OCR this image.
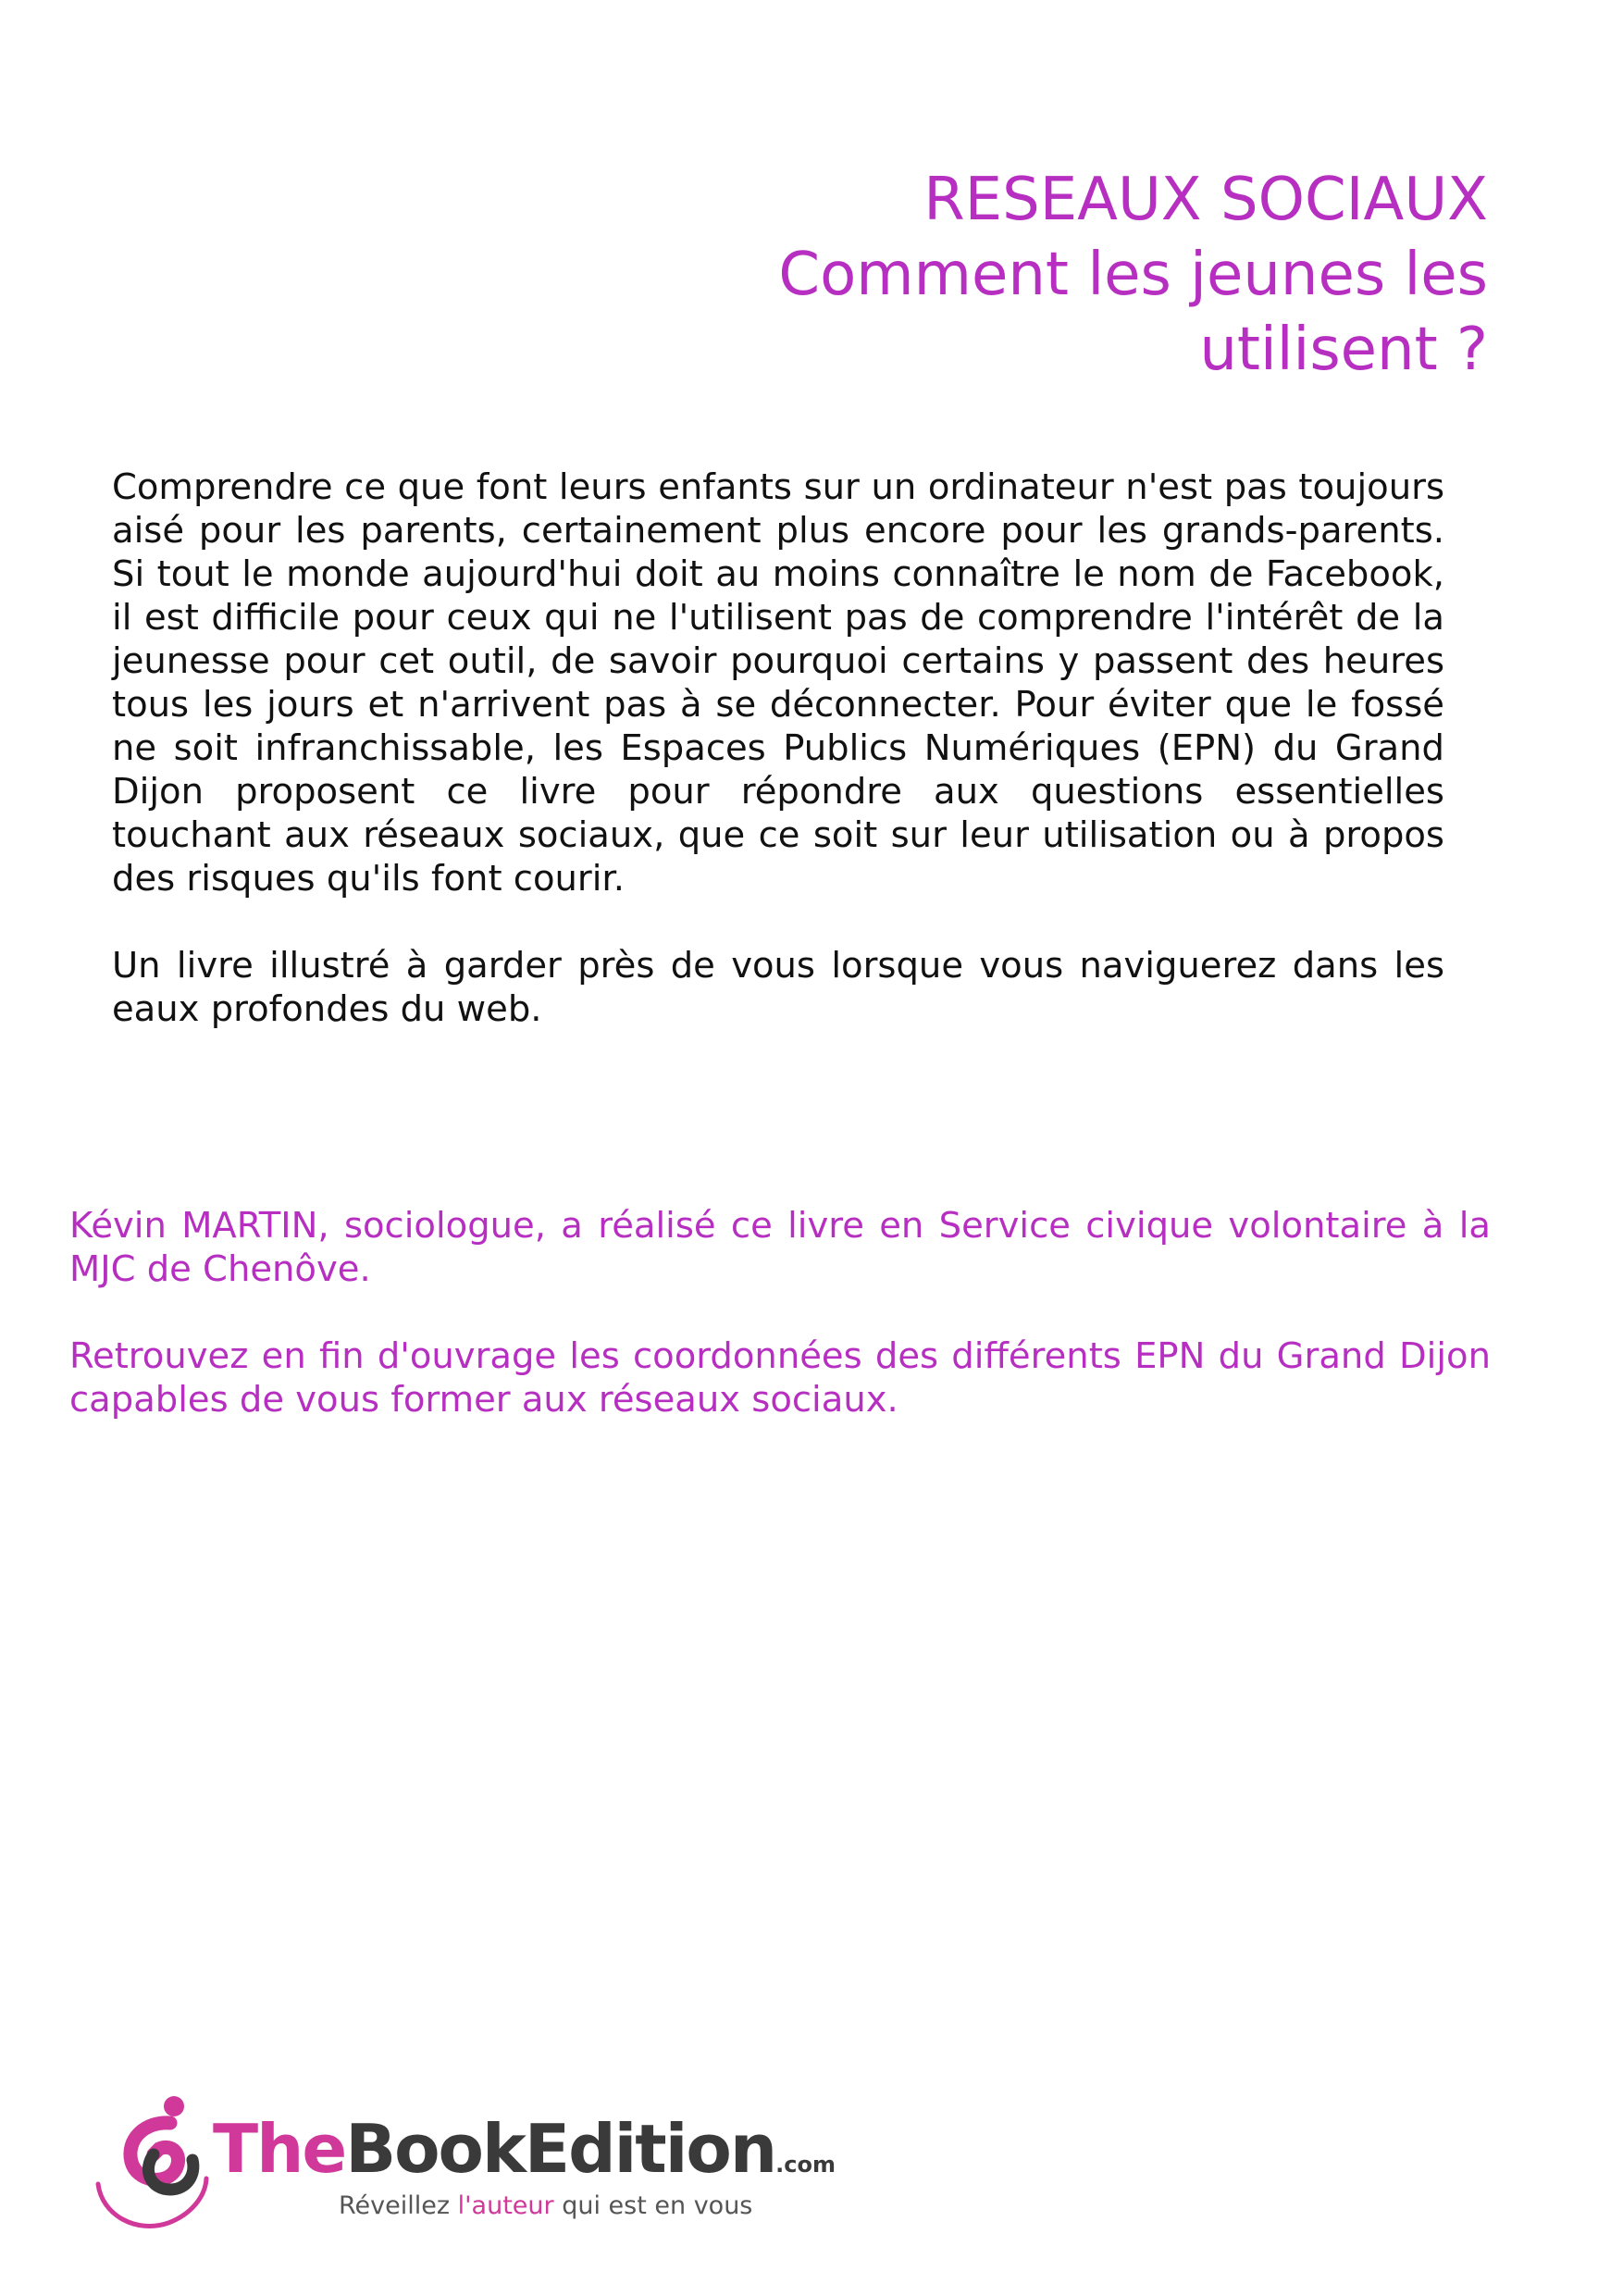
RESEAUX SOCIAUX
Comment les jeunes les
utilisent ?

Comprendre ce que font leurs enfants sur un ordinateur n'est pas toujours aisé pour les parents, certainement plus encore pour les grands-parents. Si tout le monde aujourd'hui doit au moins connaître le nom de Facebook, il est difficile pour ceux qui ne l'utilisent pas de comprendre l'intérêt de la jeunesse pour cet outil, de savoir pourquoi certains y passent des heures tous les jours et n'arrivent pas à se déconnecter. Pour éviter que le fossé ne soit infranchissable, les Espaces Publics Numériques (EPN) du Grand Dijon proposent ce livre pour répondre aux questions essentielles touchant aux réseaux sociaux, que ce soit sur leur utilisation ou à propos des risques qu'ils font courir.

Un livre illustré à garder près de vous lorsque vous naviguerez dans les eaux profondes du web.

Kévin MARTIN, sociologue, a réalisé ce livre en Service civique volontaire à la MJC de Chenôve.

Retrouvez en fin d'ouvrage les coordonnées des différents EPN du Grand Dijon capables de vous former aux réseaux sociaux.

TheBookEdition.com
Réveillez l'auteur qui est en vous
